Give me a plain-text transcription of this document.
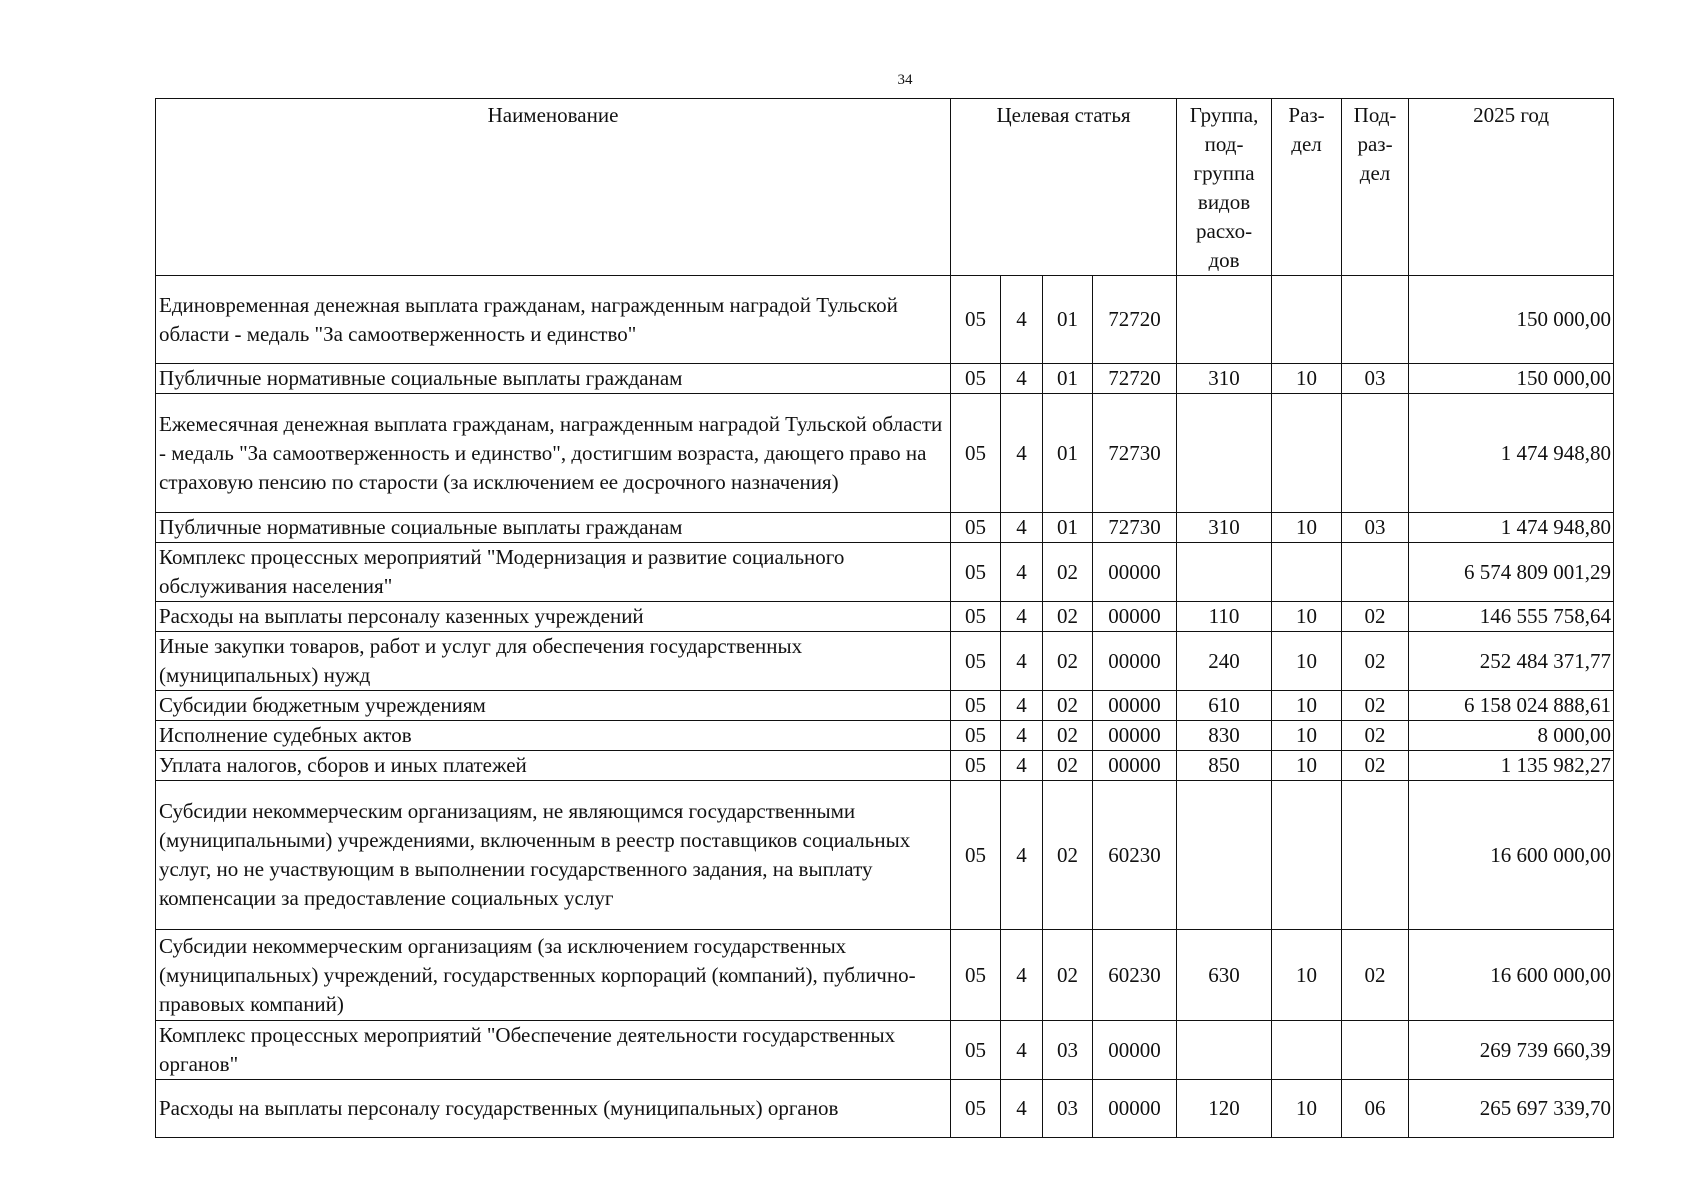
34
Наименование	Целевая статья				Группа, под- группа видов расхо- дов	Раз- дел	Под- раз- дел	2025 год
Единовременная денежная выплата гражданам, награжденным наградой Тульской области - медаль "За самоотверженность и единство"	05	4	01	72720				150 000,00
Публичные нормативные социальные выплаты гражданам	05	4	01	72720	310	10	03	150 000,00
Ежемесячная денежная выплата гражданам, награжденным наградой Тульской области - медаль "За самоотверженность и единство", достигшим возраста, дающего право на страховую пенсию по старости (за исключением ее досрочного назначения)	05	4	01	72730				1 474 948,80
Публичные нормативные социальные выплаты гражданам	05	4	01	72730	310	10	03	1 474 948,80
Комплекс процессных мероприятий "Модернизация и развитие социального обслуживания населения"	05	4	02	00000				6 574 809 001,29
Расходы на выплаты персоналу казенных учреждений	05	4	02	00000	110	10	02	146 555 758,64
Иные закупки товаров, работ и услуг для обеспечения государственных (муниципальных) нужд	05	4	02	00000	240	10	02	252 484 371,77
Субсидии бюджетным учреждениям	05	4	02	00000	610	10	02	6 158 024 888,61
Исполнение судебных актов	05	4	02	00000	830	10	02	8 000,00
Уплата налогов, сборов и иных платежей	05	4	02	00000	850	10	02	1 135 982,27
Субсидии некоммерческим организациям, не являющимся государственными (муниципальными) учреждениями, включенным в реестр поставщиков социальных услуг, но не участвующим в выполнении государственного задания, на выплату компенсации за предоставление социальных услуг	05	4	02	60230				16 600 000,00
Субсидии некоммерческим организациям (за исключением государственных (муниципальных) учреждений, государственных корпораций (компаний), публично-правовых компаний)	05	4	02	60230	630	10	02	16 600 000,00
Комплекс процессных мероприятий "Обеспечение деятельности государственных органов"	05	4	03	00000				269 739 660,39
Расходы на выплаты персоналу государственных (муниципальных) органов	05	4	03	00000	120	10	06	265 697 339,70
